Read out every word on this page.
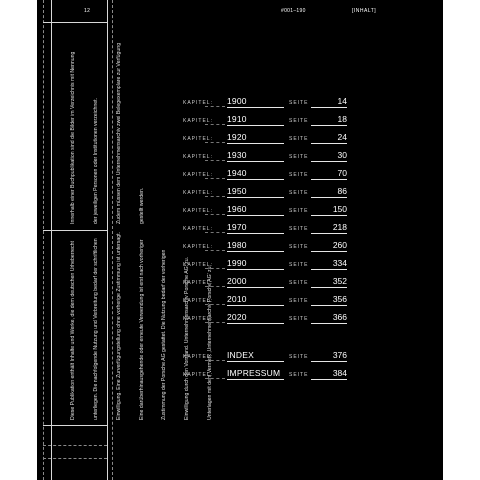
Innerhalb einer Buchpublikation sind die Bilder im Verzeichnis mit Nennung

	der jeweiligen Personen oder Institutionen verzeichnet.

	Zudem müssen dem Unternehmensarchiv zwei Belegexemplare zur Verfügung

	gestellt werden.

Diese Publikation enthält Inhalte und Werke, die dem deutschen Urheberrecht

	unterliegen. Die nachfolgende Nutzung und Verbreitung bedarf der schriftlichen

	Einwilligung. Eine Zurverfügungstellung ohne vorherige Zustimmung ist untersagt.

	Eine darüberhinausgehende oder erneute Verwendung ist erst nach vorheriger

	Zustimmung der Porsche AG gestattet. Die Nutzung bedarf der vorherigen

	Einwilligung durch den Vorstand. Unternehmensarchiv Porsche AG' zu.

	Unterlagen mit dem Vermerk ‚Unternehmensarchiv Porsche AG' zu.

12	#001–190	[INHALT]
KAPITEL: 1900	SEITE	14
KAPITEL: 1910	SEITE	18
KAPITEL: 1920	SEITE	24
KAPITEL: 1930	SEITE	30
KAPITEL: 1940	SEITE	70
KAPITEL: 1950	SEITE	86
KAPITEL: 1960	SEITE	150
KAPITEL: 1970	SEITE	218
KAPITEL: 1980	SEITE	260
KAPITEL: 1990	SEITE	334
KAPITEL: 2000	SEITE	352
KAPITEL: 2010	SEITE	356
KAPITEL: 2020	SEITE	366
KAPITEL: INDEX	SEITE	376
KAPITEL: IMPRESSUM	SEITE	384
